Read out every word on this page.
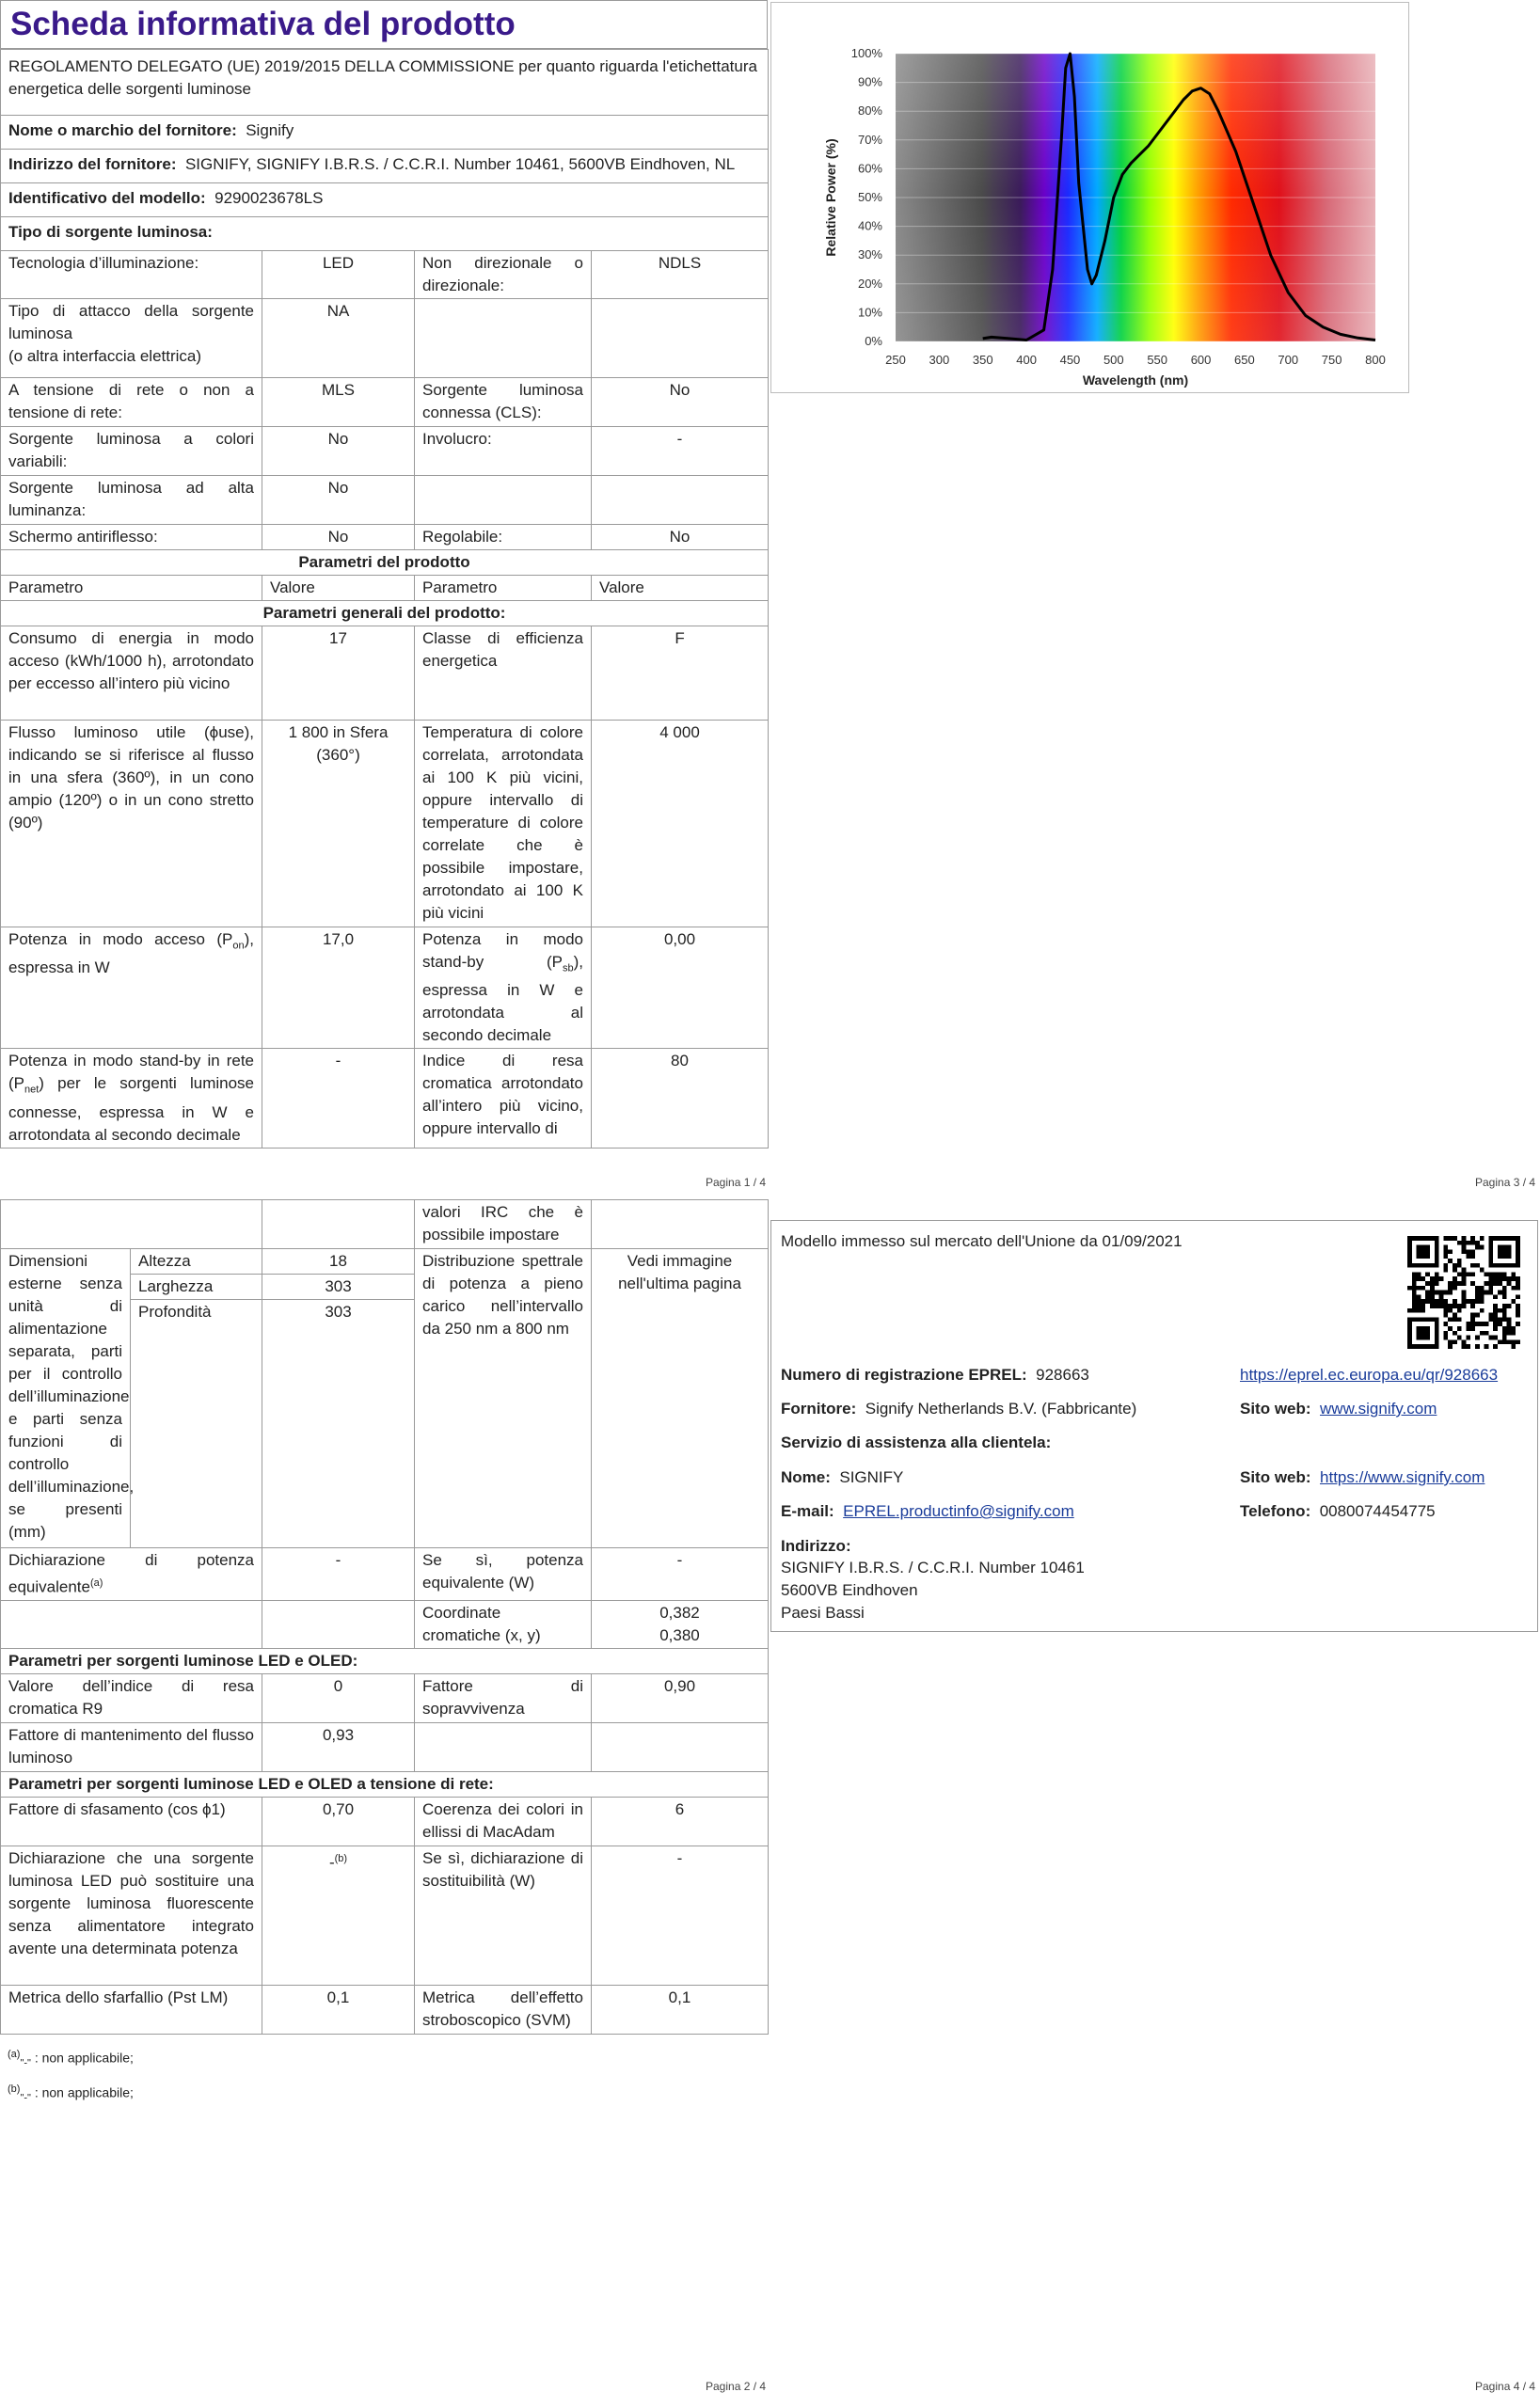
Scheda informativa del prodotto
REGOLAMENTO DELEGATO (UE) 2019/2015 DELLA COMMISSIONE per quanto riguarda l'etichettatura energetica delle sorgenti luminose			
Nome o marchio del fornitore: Signify			
Indirizzo del fornitore: SIGNIFY, SIGNIFY I.B.R.S. / C.C.R.I. Number 10461, 5600VB Eindhoven, NL			
Identificativo del modello: 9290023678LS			
Tipo di sorgente luminosa:			
Tecnologia d’illuminazione:	LED	Non direzionale o direzionale:	NDLS
Tipo di attacco della sorgente luminosa
(o altra interfaccia elettrica)	NA		
A tensione di rete o non a tensione di rete:	MLS	Sorgente luminosa connessa (CLS):	No
Sorgente luminosa a colori variabili:	No	Involucro:	-
Sorgente luminosa ad alta luminanza:	No		
Schermo antiriflesso:	No	Regolabile:	No
Parametri del prodotto			
Parametro	Valore	Parametro	Valore
Parametri generali del prodotto:			
Consumo di energia in modo acceso (kWh/1000 h), arrotondato per eccesso all’intero più vicino	17	Classe di efficienza energetica	F
Flusso luminoso utile (ϕuse), indicando se si riferisce al flusso in una sfera (360º), in un cono ampio (120º) o in un cono stretto (90º)	1 800 in Sfera (360°)	Temperatura di colore correlata, arrotondata ai 100 K più vicini, oppure intervallo di temperature di colore correlate che è possibile impostare, arrotondato ai 100 K più vicini	4 000
Potenza in modo acceso $(P_{on})$, espressa in W	17,0	Potenza in modo stand-by $(P_{sb})$, espressa in W e arrotondata al secondo decimale	0,00
Potenza in modo stand-by in rete $(P_{net})$ per le sorgenti luminose connesse, espressa in W e arrotondata al secondo decimale	-	Indice di resa cromatica arrotondato all’intero più vicino, oppure intervallo di	80
Pagina 1 / 4
0%
10%
20%
30%
40%
50%
60%
70%
80%
90%
100%
250 300 350 400 450 500 550 600 650 700 750 800
Wavelength (nm)
Relative Power (%)
Pagina 3 / 4
			valori IRC che è possibile impostare	
Dimensioni esterne senza unità di alimentazione separata, parti per il controllo dell’illuminazione e parti senza funzioni di controllo dell’illuminazione, se presenti (mm)	Altezza	18	Distribuzione spettrale di potenza a pieno carico nell’intervallo da 250 nm a 800 nm	Vedi immagine nell'ultima pagina
	Larghezza	303		
	Profondità	303		
Dichiarazione di potenza equivalente$^{(a)}$		-	Se sì, potenza equivalente (W)	-
			Coordinate cromatiche (x, y)	0,382
0,380
Parametri per sorgenti luminose LED e OLED:				
Valore dell’indice di resa cromatica R9		0	Fattore di sopravvivenza	0,90
Fattore di mantenimento del flusso luminoso		0,93		
Parametri per sorgenti luminose LED e OLED a tensione di rete:				
Fattore di sfasamento (cos ϕ1)		0,70	Coerenza dei colori in ellissi di MacAdam	6
Dichiarazione che una sorgente luminosa LED può sostituire una sorgente luminosa fluorescente senza alimentatore integrato avente una determinata potenza		-$^{(b)}$	Se sì, dichiarazione di sostituibilità (W)	-
Metrica dello sfarfallio (Pst LM)		0,1	Metrica dell’effetto stroboscopico (SVM)	0,1
$^{(a)}_{"-"}$ : non applicabile;
$^{(b)}_{"-"}$ : non applicabile;
Pagina 2 / 4
Modello immesso sul mercato dell'Unione da 01/09/2021
Numero di registrazione EPREL: 928663	https://eprel.ec.europa.eu/qr/928663
Fornitore: Signify Netherlands B.V. (Fabbricante)	Sito web: www.signify.com
Servizio di assistenza alla clientela:
Nome: SIGNIFY	Sito web: https://www.signify.com
E-mail: EPREL.productinfo@signify.com	Telefono: 0080074454775
Indirizzo:
SIGNIFY I.B.R.S. / C.C.R.I. Number 10461
5600VB Eindhoven
Paesi Bassi
Pagina 4 / 4
